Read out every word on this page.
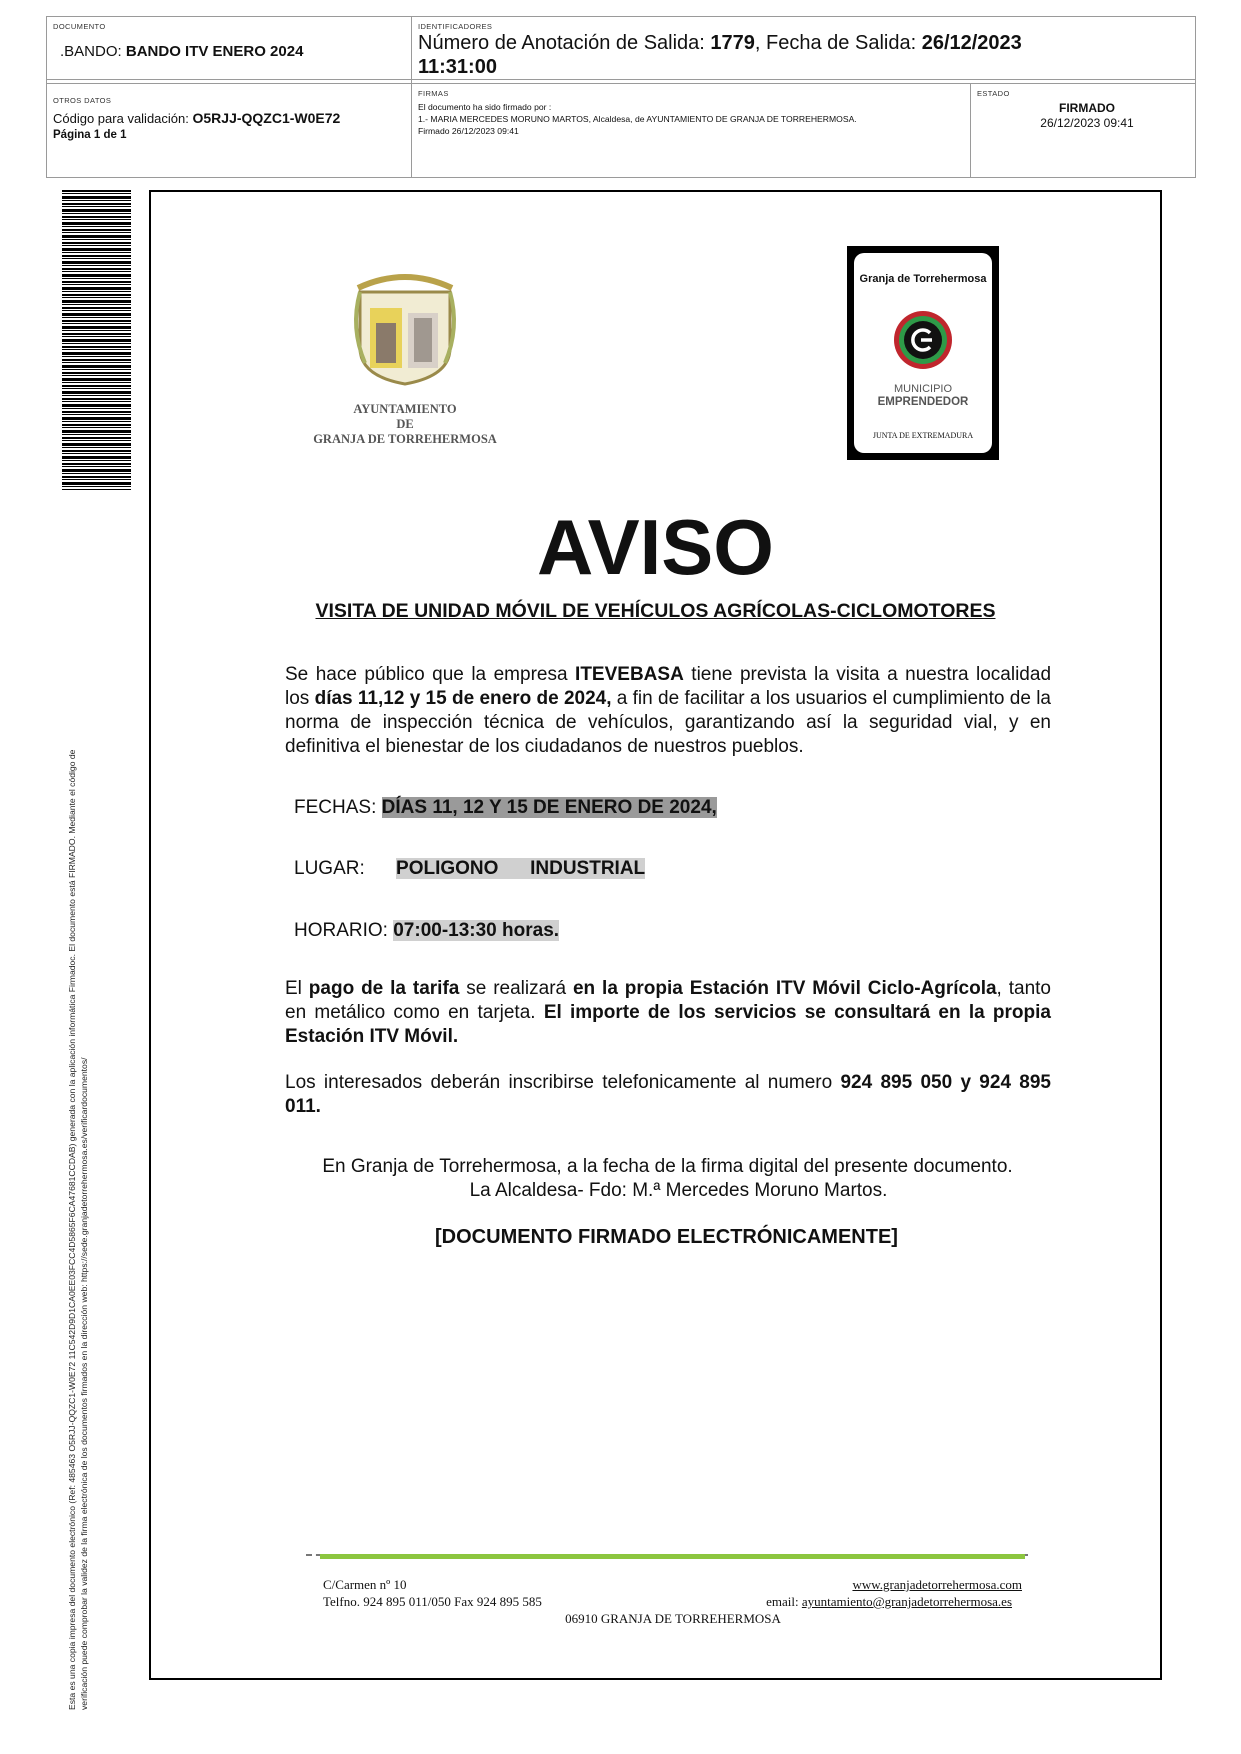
DOCUMENTO
.BANDO: BANDO ITV ENERO 2024
IDENTIFICADORES
Número de Anotación de Salida: 1779, Fecha de Salida: 26/12/2023
11:31:00
OTROS DATOS
Código para validación: O5RJJ-QQZC1-W0E72
Página 1 de 1
FIRMAS
El documento ha sido firmado por :
1.- MARIA MERCEDES MORUNO MARTOS, Alcaldesa, de AYUNTAMIENTO DE GRANJA DE TORREHERMOSA.
Firmado 26/12/2023 09:41
ESTADO
FIRMADO
26/12/2023 09:41
Esta es una copia impresa del documento electrónico (Ref: 485463 O5RJJ-QQZC1-W0E72 11C542D9D1CA0EE03FCC4D5865F6CA47681CCDAB) generada con la aplicación informática Firmadoc. El documento está FIRMADO. Mediante el código de verificación puede comprobar la validez de la firma electrónica de los documentos firmados en la dirección web: https://sede.granjadetorrehermosa.es/verificardocumentos/
AYUNTAMIENTO
DE
GRANJA DE TORREHERMOSA
Granja de Torrehermosa
MUNICIPIO
EMPRENDEDOR
JUNTA DE EXTREMADURA
AVISO
VISITA DE UNIDAD MÓVIL DE VEHÍCULOS AGRÍCOLAS-CICLOMOTORES
Se hace público que la empresa ITEVEBASA tiene prevista la visita a nuestra localidad los días 11,12 y 15 de enero de 2024, a fin de facilitar a los usuarios el cumplimiento de la norma de inspección técnica de vehículos, garantizando así la seguridad vial, y en definitiva el bienestar de los ciudadanos de nuestros pueblos.
FECHAS: DÍAS 11, 12 Y 15 DE ENERO DE 2024,
LUGAR: POLIGONO      INDUSTRIAL
HORARIO: 07:00-13:30 horas.
El pago de la tarifa se realizará en la propia Estación ITV Móvil Ciclo-Agrícola, tanto en metálico como en tarjeta. El importe de los servicios se consultará en la propia Estación ITV Móvil.
Los interesados deberán inscribirse telefonicamente al numero 924 895 050 y 924 895 011.
En Granja de Torrehermosa, a la fecha de la firma digital del presente documento.
La Alcaldesa- Fdo: M.ª Mercedes Moruno Martos.
[DOCUMENTO FIRMADO ELECTRÓNICAMENTE]
C/Carmen nº 10	www.granjadetorrehermosa.com
Telfno. 924 895 011/050 Fax 924 895 585	email: ayuntamiento@granjadetorrehermosa.es
06910 GRANJA DE TORREHERMOSA
